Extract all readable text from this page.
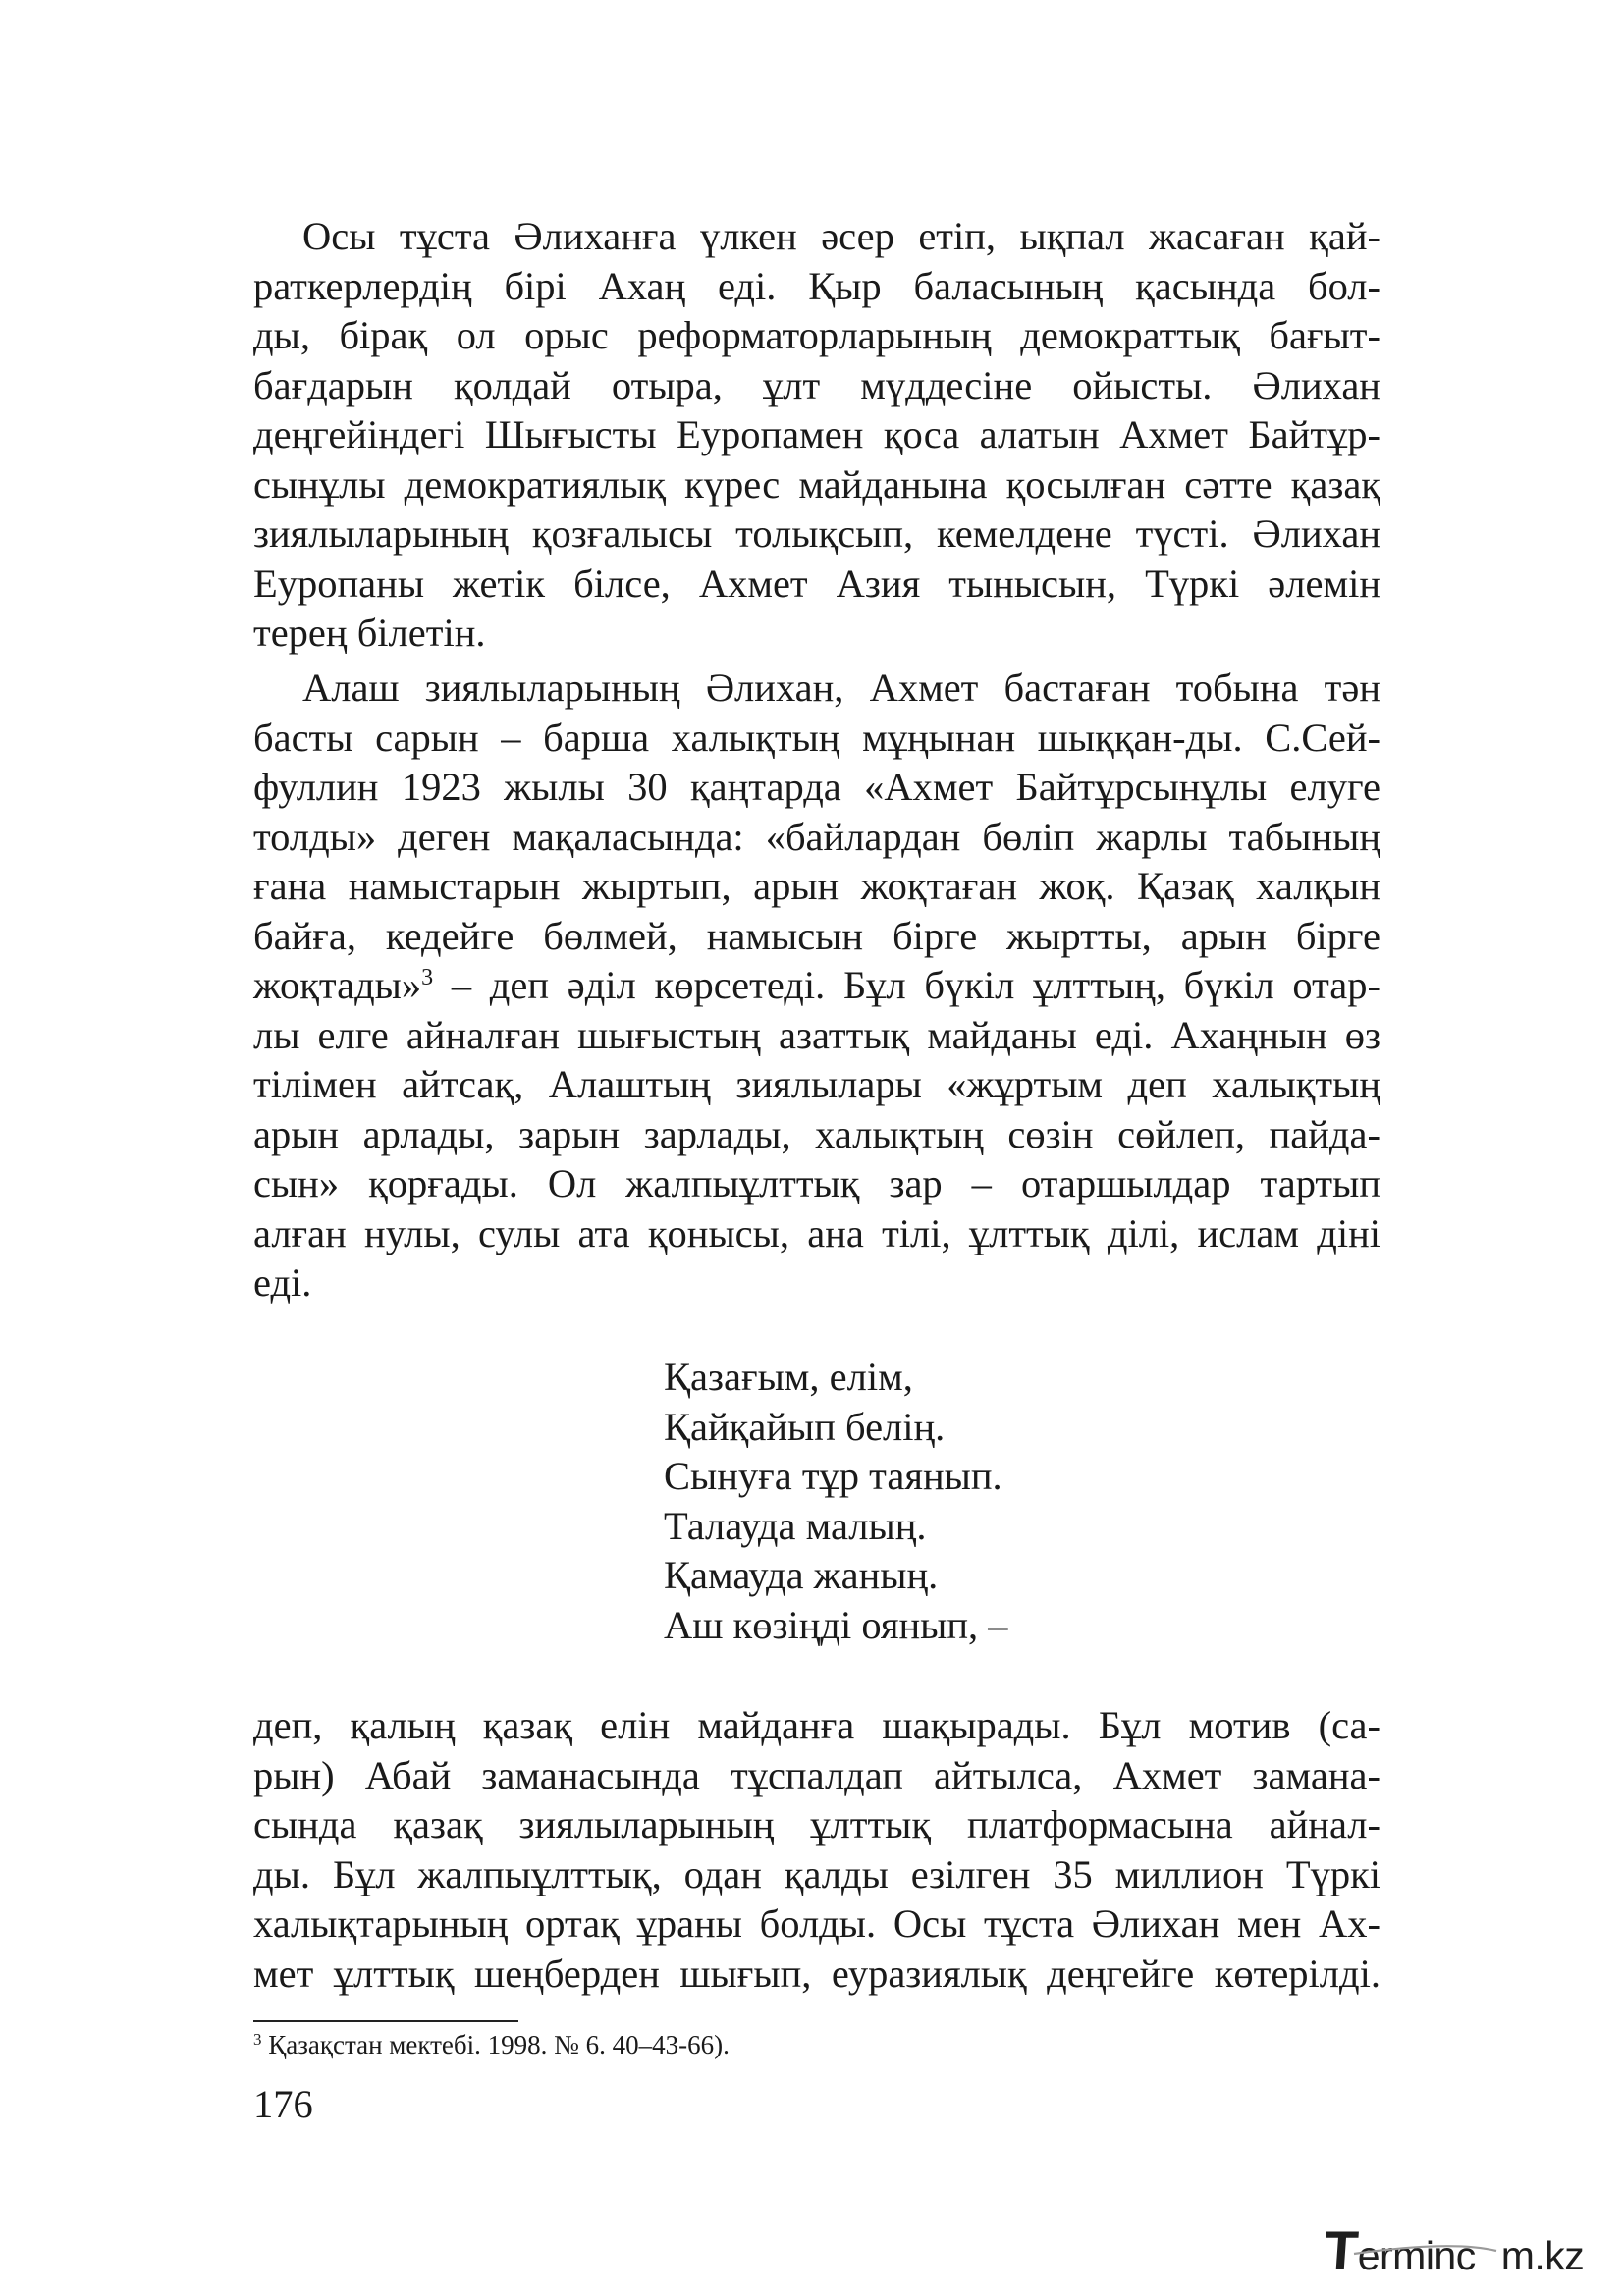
Осы тұста Әлиханға үлкен әсер етіп, ықпал жасаған қай-
раткерлердің бірі Ахаң еді. Қыр баласының қасында бол-
ды, бірақ ол орыс реформаторларының демократтық бағыт-
бағдарын қолдай отыра, ұлт мүддесіне ойысты. Әлихан
деңгейіндегі Шығысты Еуропамен қоса алатын Ахмет Байтұр-
сынұлы демократиялық күрес майданына қосылған сәтте қазақ
зиялыларының қозғалысы толықсып, кемелдене түсті. Әлихан
Еуропаны жетік білсе, Ахмет Азия тынысын, Түркі әлемін
терең білетін.
Алаш зиялыларының Әлихан, Ахмет бастаған тобына тән
басты сарын – барша халықтың мұңынан шыққан-ды. С.Сей-
фуллин 1923 жылы 30 қаңтарда «Ахмет Байтұрсынұлы елуге
толды» деген мақаласында: «байлардан бөліп жарлы табының
ғана намыстарын жыртып, арын жоқтаған жоқ. Қазақ халқын
байға, кедейге бөлмей, намысын бірге жыртты, арын бірге
жоқтады»$^3$ – деп әділ көрсетеді. Бұл бүкіл ұлттың, бүкіл отар-
лы елге айналған шығыстың азаттық майданы еді. Ахаңнын өз
тілімен айтсақ, Алаштың зиялылары «жұртым деп халықтың
арын арлады, зарын зарлады, халықтың сөзін сөйлеп, пайда-
сын» қорғады. Ол жалпыұлттық зар – отаршылдар тартып
алған нулы, сулы ата қонысы, ана тілі, ұлттық ділі, ислам діні
еді.
Қазағым, елім,
Қайқайып белің.
Сынуға тұр таянып.
Талауда малың.
Қамауда жаның.
Аш көзіңді оянып, –
деп, қалың қазақ елін майданға шақырады. Бұл мотив (са-
рын) Абай заманасында тұспалдап айтылса, Ахмет замана-
сында қазақ зиялыларының ұлттық платформасына айнал-
ды. Бұл жалпыұлттық, одан қалды езілген 35 миллион Түркі
халықтарының ортақ ұраны болды. Осы тұста Әлихан мен Ах-
мет ұлттық шеңберден шығып, еуразиялық деңгейге көтерілді.
$^3$ Қазақстан мектебі. 1998. № 6. 40–43-66).
176
Terminc m.kz
